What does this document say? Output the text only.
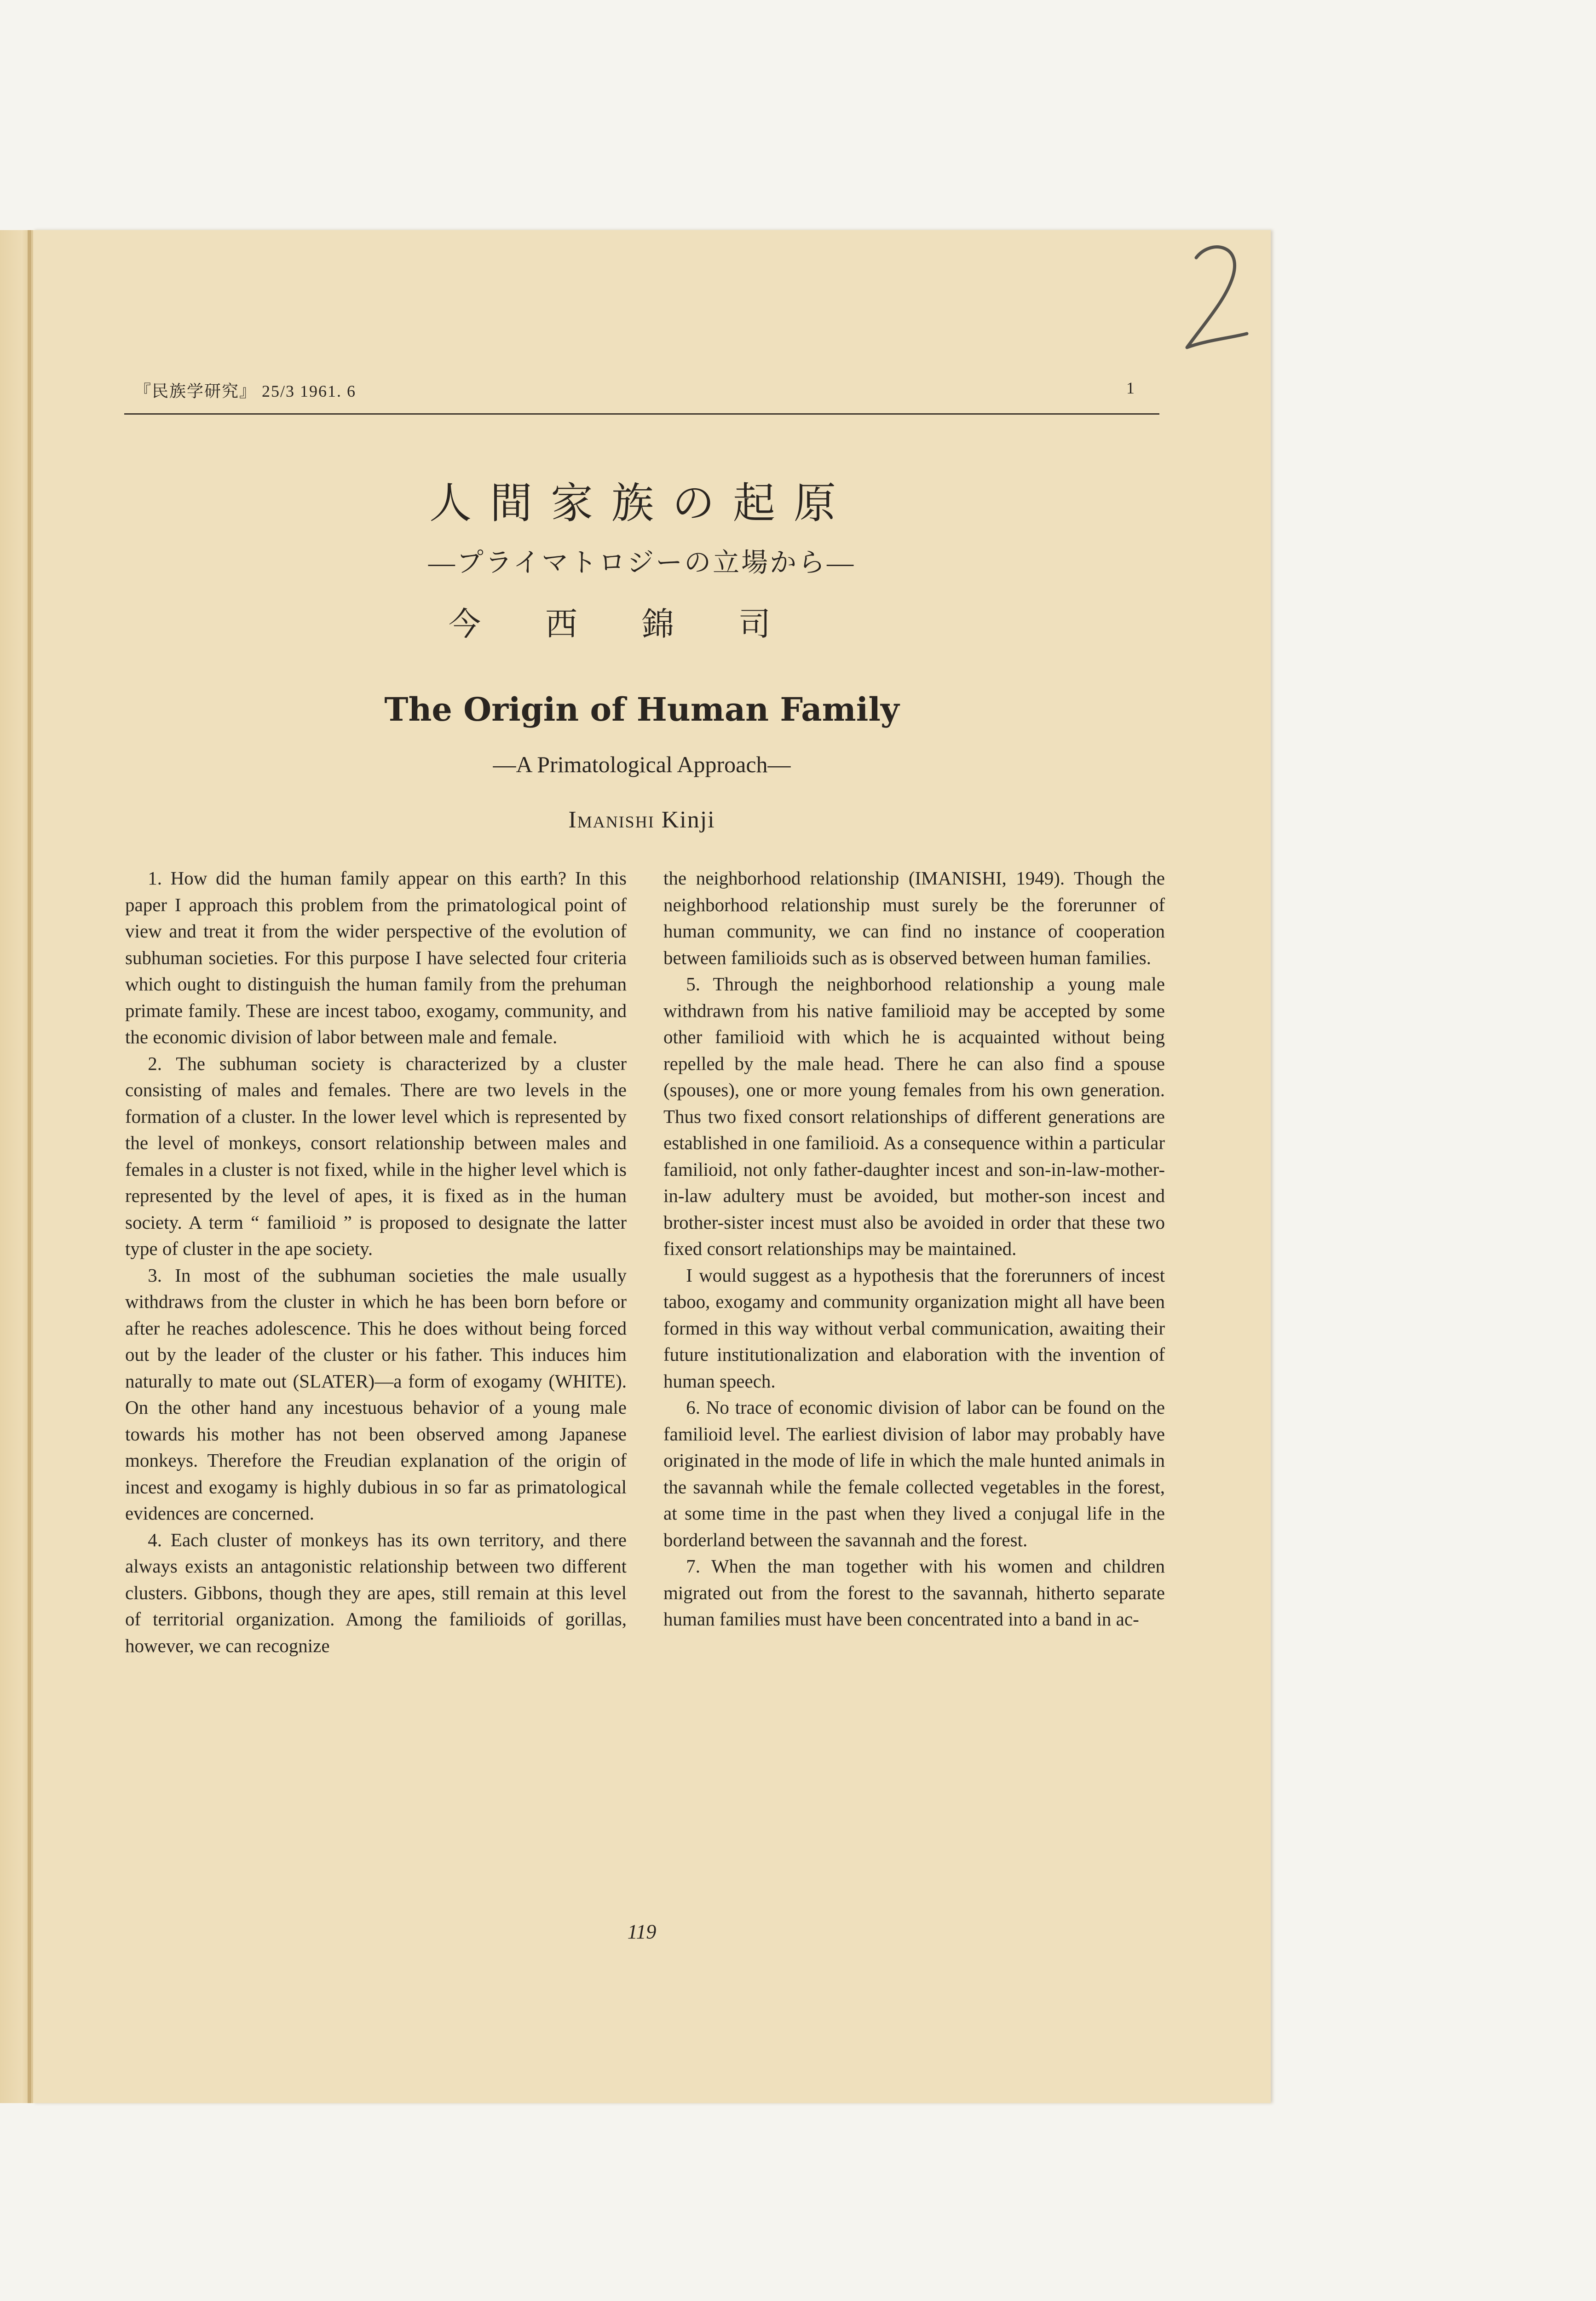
『民族学研究』 25/3 1961. 6	1
人間家族の起原
—プライマトロジーの立場から—
今西錦司
The Origin of Human Family
—A Primatological Approach—
Imanishi Kinji

1. How did the human family appear on this earth? In this paper I approach this problem from the primatological point of view and treat it from the wider perspective of the evolution of subhuman societies. For this purpose I have selected four criteria which ought to distinguish the human family from the prehuman primate family. These are incest taboo, exogamy, community, and the economic division of labor between male and female.

2. The subhuman society is characterized by a cluster consisting of males and females. There are two levels in the formation of a cluster. In the lower level which is represented by the level of monkeys, consort relationship between males and females in a cluster is not fixed, while in the higher level which is represented by the level of apes, it is fixed as in the human society. A term “ familioid ” is proposed to designate the latter type of cluster in the ape society.

3. In most of the subhuman societies the male usually withdraws from the cluster in which he has been born before or after he reaches adolescence. This he does without being forced out by the leader of the cluster or his father. This induces him naturally to mate out (SLATER)—a form of exogamy (WHITE). On the other hand any incestuous behavior of a young male towards his mother has not been observed among Japanese monkeys. Therefore the Freudian explanation of the origin of incest and exogamy is highly dubious in so far as primatological evidences are concerned.

4. Each cluster of monkeys has its own territory, and there always exists an antagonistic relationship between two different clusters. Gibbons, though they are apes, still remain at this level of territorial organization. Among the familioids of gorillas, however, we can recognize

the neighborhood relationship (IMANISHI, 1949). Though the neighborhood relationship must surely be the forerunner of human community, we can find no instance of cooperation between familioids such as is observed between human families.

5. Through the neighborhood relationship a young male withdrawn from his native familioid may be accepted by some other familioid with which he is acquainted without being repelled by the male head. There he can also find a spouse (spouses), one or more young females from his own generation. Thus two fixed consort relationships of different generations are established in one familioid. As a consequence within a particular familioid, not only father-daughter incest and son-in-law-mother-in-law adultery must be avoided, but mother-son incest and brother-sister incest must also be avoided in order that these two fixed consort relationships may be maintained.

I would suggest as a hypothesis that the forerunners of incest taboo, exogamy and community organization might all have been formed in this way without verbal communication, awaiting their future institutionalization and elaboration with the invention of human speech.

6. No trace of economic division of labor can be found on the familioid level. The earliest division of labor may probably have originated in the mode of life in which the male hunted animals in the savannah while the female collected vegetables in the forest, at some time in the past when they lived a conjugal life in the borderland between the savannah and the forest.

7. When the man together with his women and children migrated out from the forest to the savannah, hitherto separate human families must have been concentrated into a band in ac-

119
